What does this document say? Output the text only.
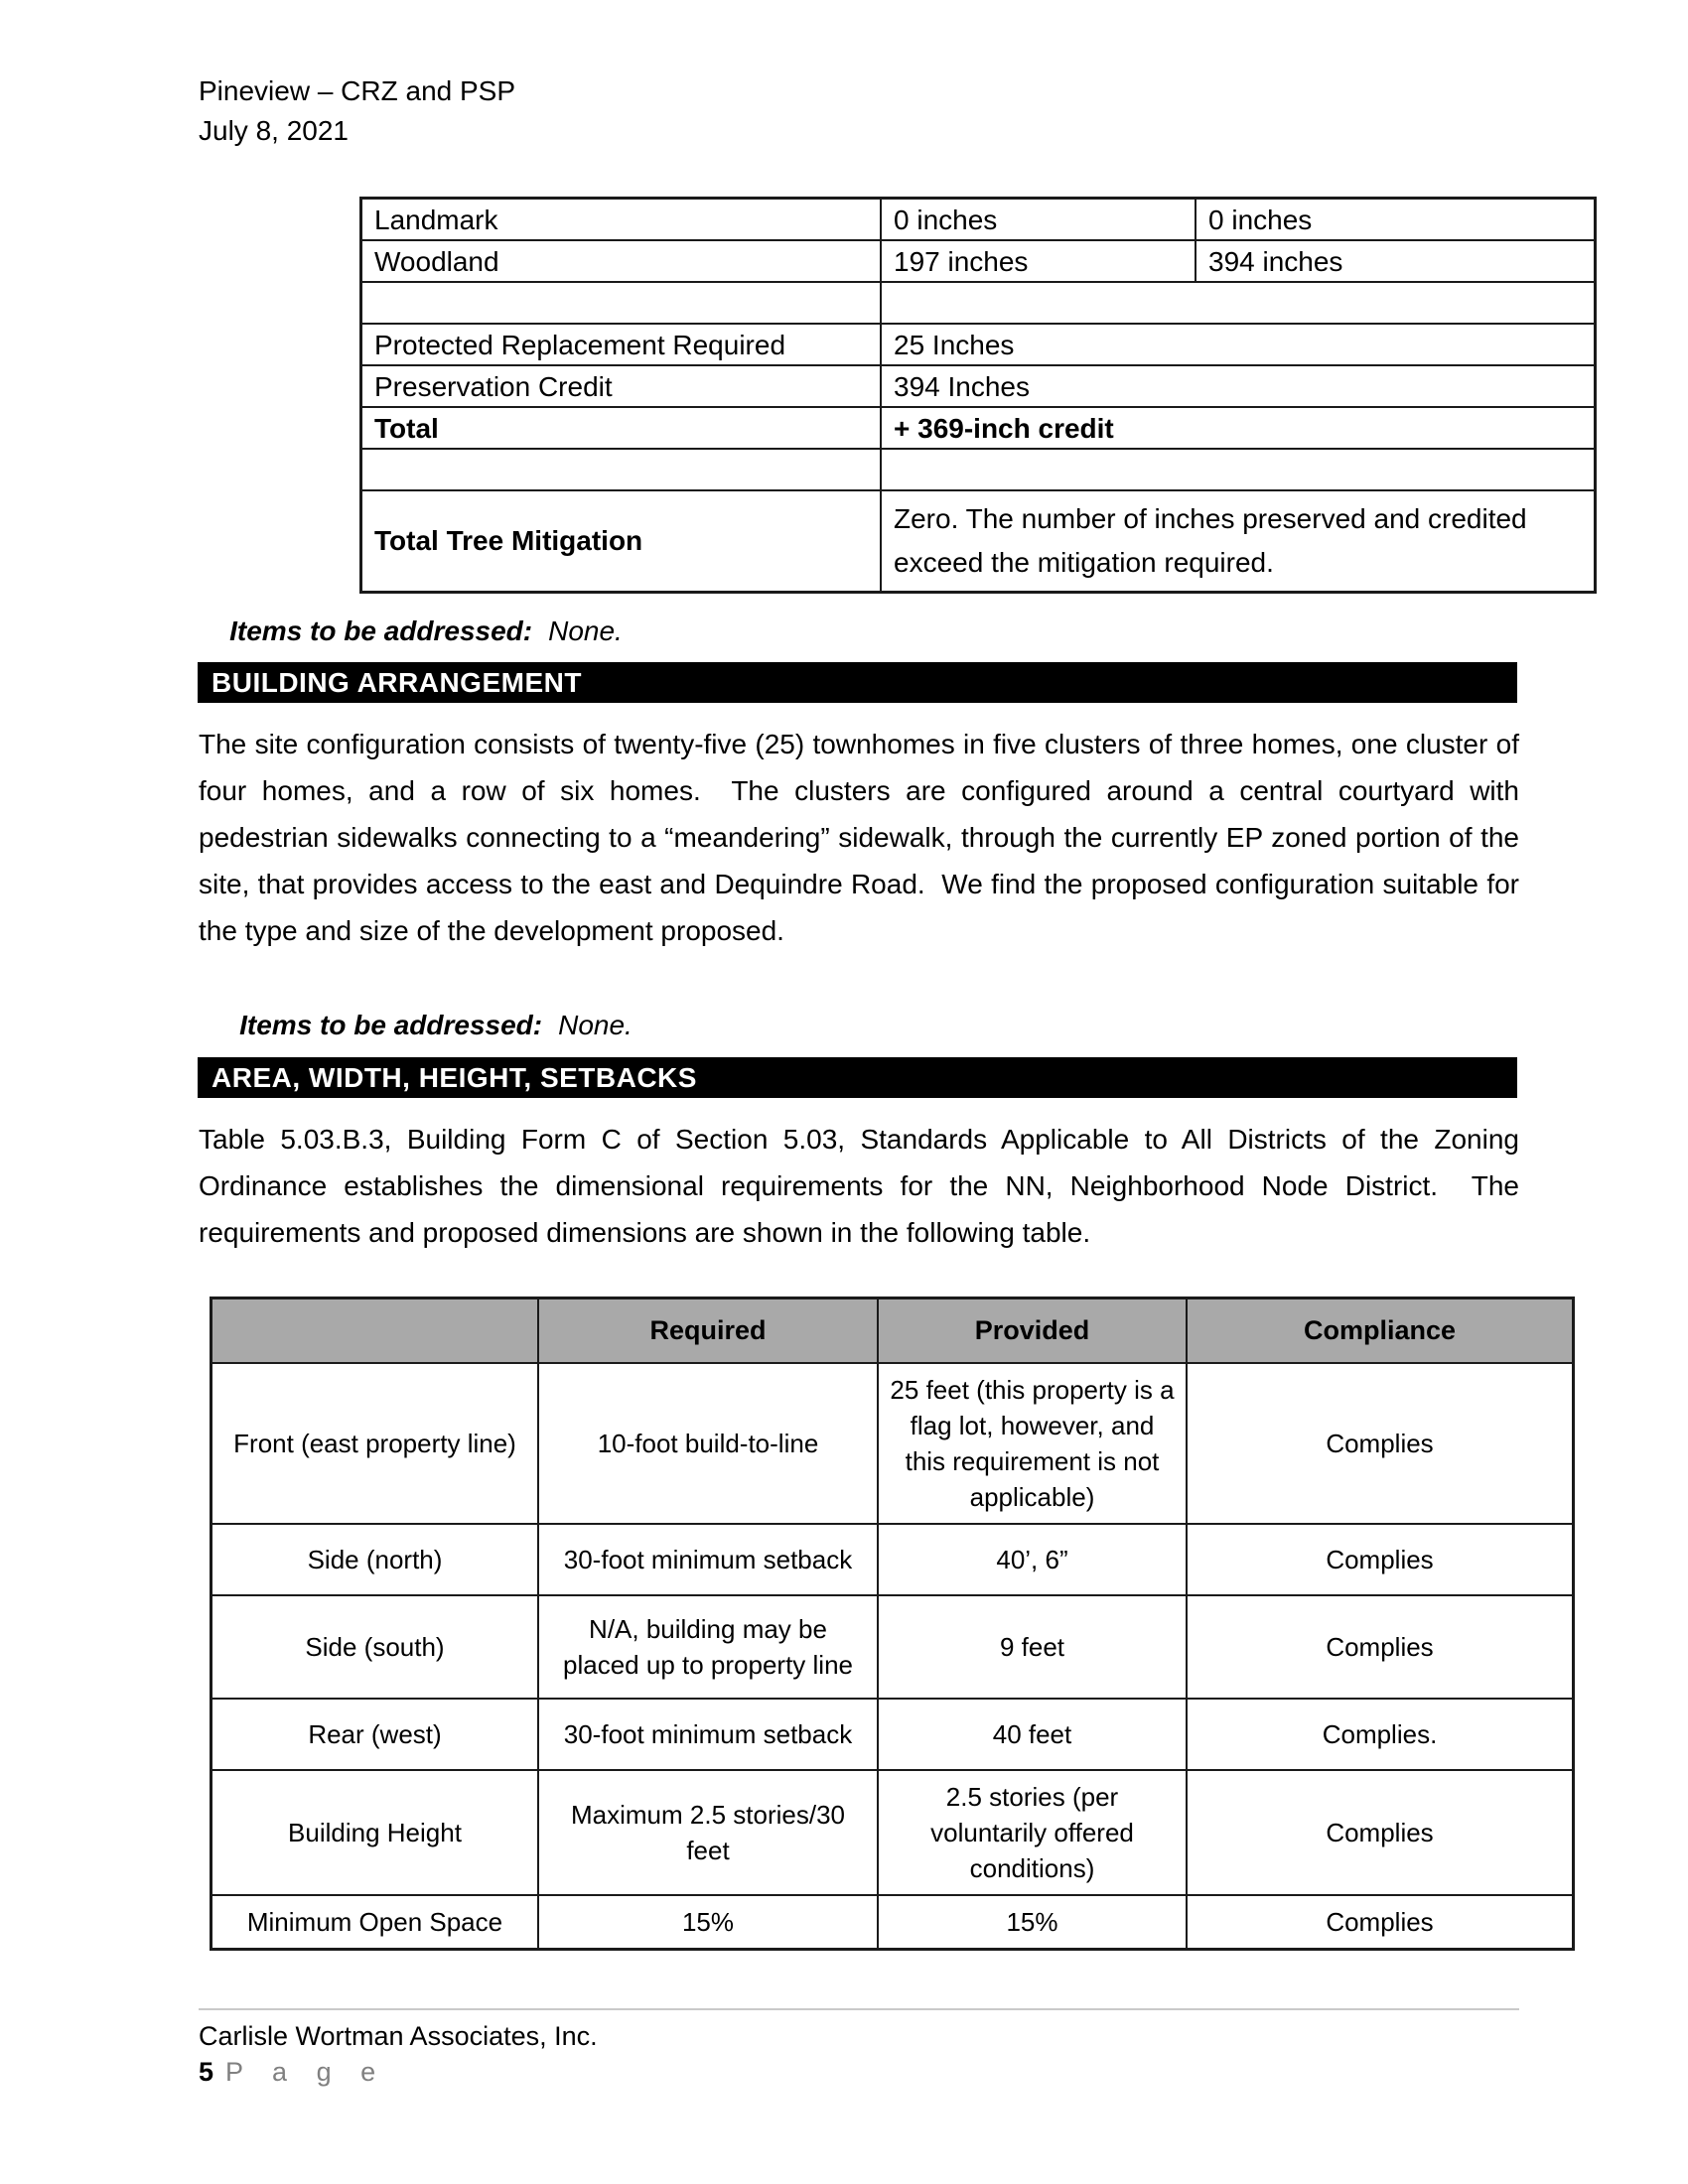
Pineview – CRZ and PSP
July 8, 2021
Landmark	0 inches	0 inches
Woodland	197 inches	394 inches

Protected Replacement Required	25 Inches	
Preservation Credit	394 Inches	
Total	+ 369-inch credit	

Total Tree Mitigation	Zero. The number of inches preserved and credited exceed the mitigation required.	

Items to be addressed: None.

BUILDING ARRANGEMENT
The site configuration consists of twenty-five (25) townhomes in five clusters of three homes, one cluster of four homes, and a row of six homes.  The clusters are configured around a central courtyard with pedestrian sidewalks connecting to a “meandering” sidewalk, through the currently EP zoned portion of the site, that provides access to the east and Dequindre Road.  We find the proposed configuration suitable for the type and size of the development proposed.

Items to be addressed: None.

AREA, WIDTH, HEIGHT, SETBACKS
Table 5.03.B.3, Building Form C of Section 5.03, Standards Applicable to All Districts of the Zoning Ordinance establishes the dimensional requirements for the NN, Neighborhood Node District.  The requirements and proposed dimensions are shown in the following table.
	Required	Provided	Compliance
Front (east property line)	10-foot build-to-line	25 feet (this property is a flag lot, however, and this requirement is not applicable)	Complies
Side (north)	30-foot minimum setback	40’, 6”	Complies
Side (south)	N/A, building may be placed up to property line	9 feet	Complies
Rear (west)	30-foot minimum setback	40 feet	Complies.
Building Height	Maximum 2.5 stories/30 feet	2.5 stories (per voluntarily offered conditions)	Complies
Minimum Open Space	15%	15%	Complies
Carlisle Wortman Associates, Inc.
5 P a g e
